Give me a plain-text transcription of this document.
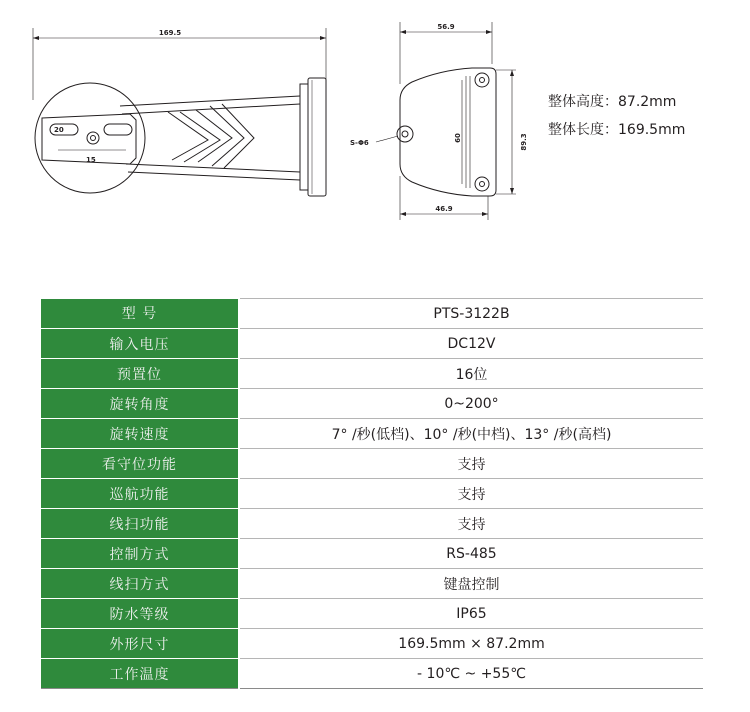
169.5
20
15
56.9
46.9
S-Φ6
60	89.3
整体高度：87.2mm
整体长度：169.5mm
型 号	PTS-3122B
输入电压	DC12V
预置位	16位
旋转角度	0~200°
旋转速度	7° /秒(低档)、10° /秒(中档)、13° /秒(高档)
看守位功能	支持
巡航功能	支持
线扫功能	支持
控制方式	RS-485
线扫方式	键盘控制
防水等级	IP65
外形尺寸	169.5mm × 87.2mm
工作温度	- 10℃ ~ +55℃
